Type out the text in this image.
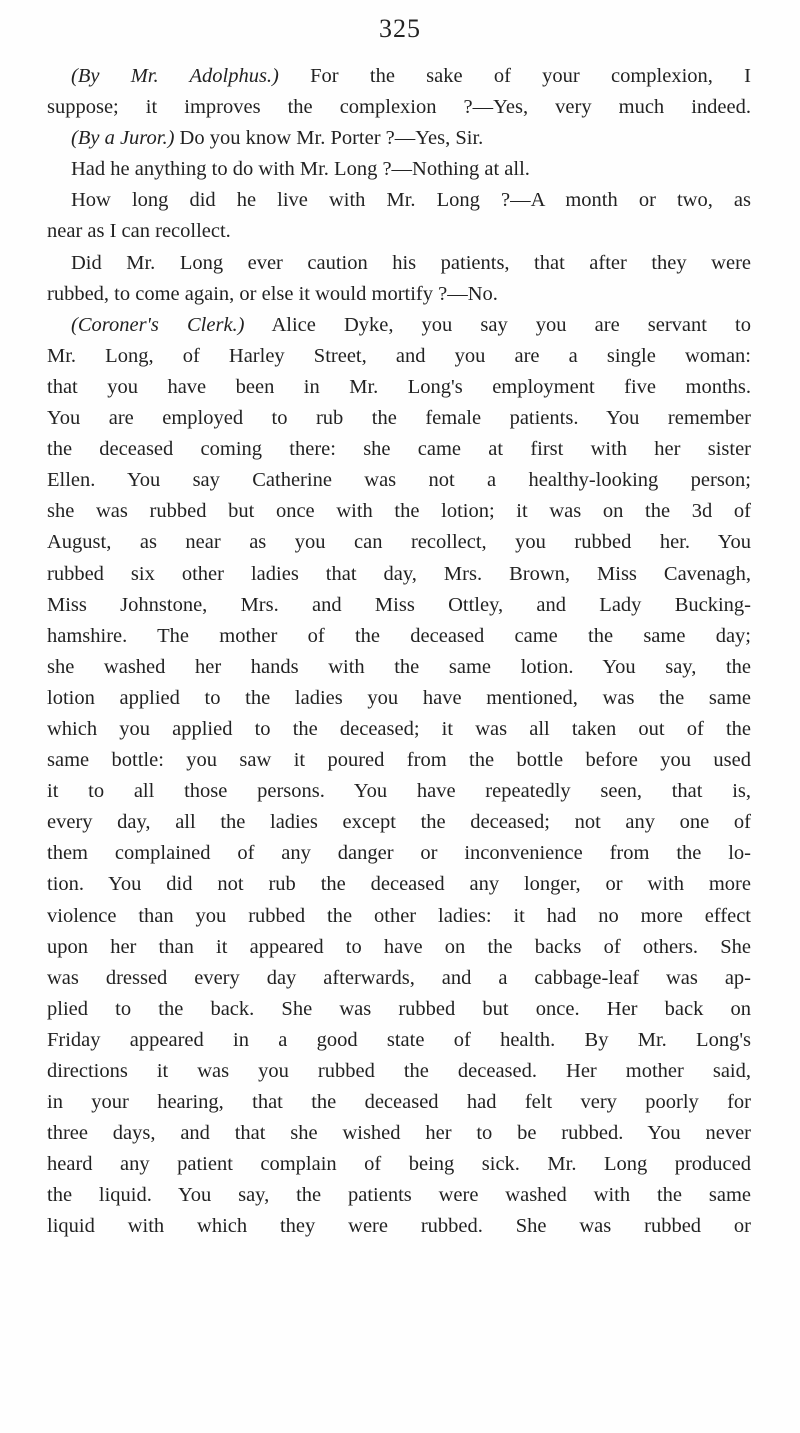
325
(By Mr. Adolphus.) For the sake of your complexion, I
suppose; it improves the complexion ?—Yes, very much indeed.
(By a Juror.) Do you know Mr. Porter ?—Yes, Sir.
Had he anything to do with Mr. Long ?—Nothing at all.
How long did he live with Mr. Long ?—A month or two, as
near as I can recollect.
Did Mr. Long ever caution his patients, that after they were
rubbed, to come again, or else it would mortify ?—No.
(Coroner's Clerk.) Alice Dyke, you say you are servant to
Mr. Long, of Harley Street, and you are a single woman:
that you have been in Mr. Long's employment five months.
You are employed to rub the female patients. You remember
the deceased coming there: she came at first with her sister
Ellen. You say Catherine was not a healthy-looking person;
she was rubbed but once with the lotion; it was on the 3d of
August, as near as you can recollect, you rubbed her. You
rubbed six other ladies that day, Mrs. Brown, Miss Cavenagh,
Miss Johnstone, Mrs. and Miss Ottley, and Lady Bucking-
hamshire. The mother of the deceased came the same day;
she washed her hands with the same lotion. You say, the
lotion applied to the ladies you have mentioned, was the same
which you applied to the deceased; it was all taken out of the
same bottle: you saw it poured from the bottle before you used
it to all those persons. You have repeatedly seen, that is,
every day, all the ladies except the deceased; not any one of
them complained of any danger or inconvenience from the lo-
tion. You did not rub the deceased any longer, or with more
violence than you rubbed the other ladies: it had no more effect
upon her than it appeared to have on the backs of others. She
was dressed every day afterwards, and a cabbage-leaf was ap-
plied to the back. She was rubbed but once. Her back on
Friday appeared in a good state of health. By Mr. Long's
directions it was you rubbed the deceased. Her mother said,
in your hearing, that the deceased had felt very poorly for
three days, and that she wished her to be rubbed. You never
heard any patient complain of being sick. Mr. Long produced
the liquid. You say, the patients were washed with the same
liquid with which they were rubbed. She was rubbed or
